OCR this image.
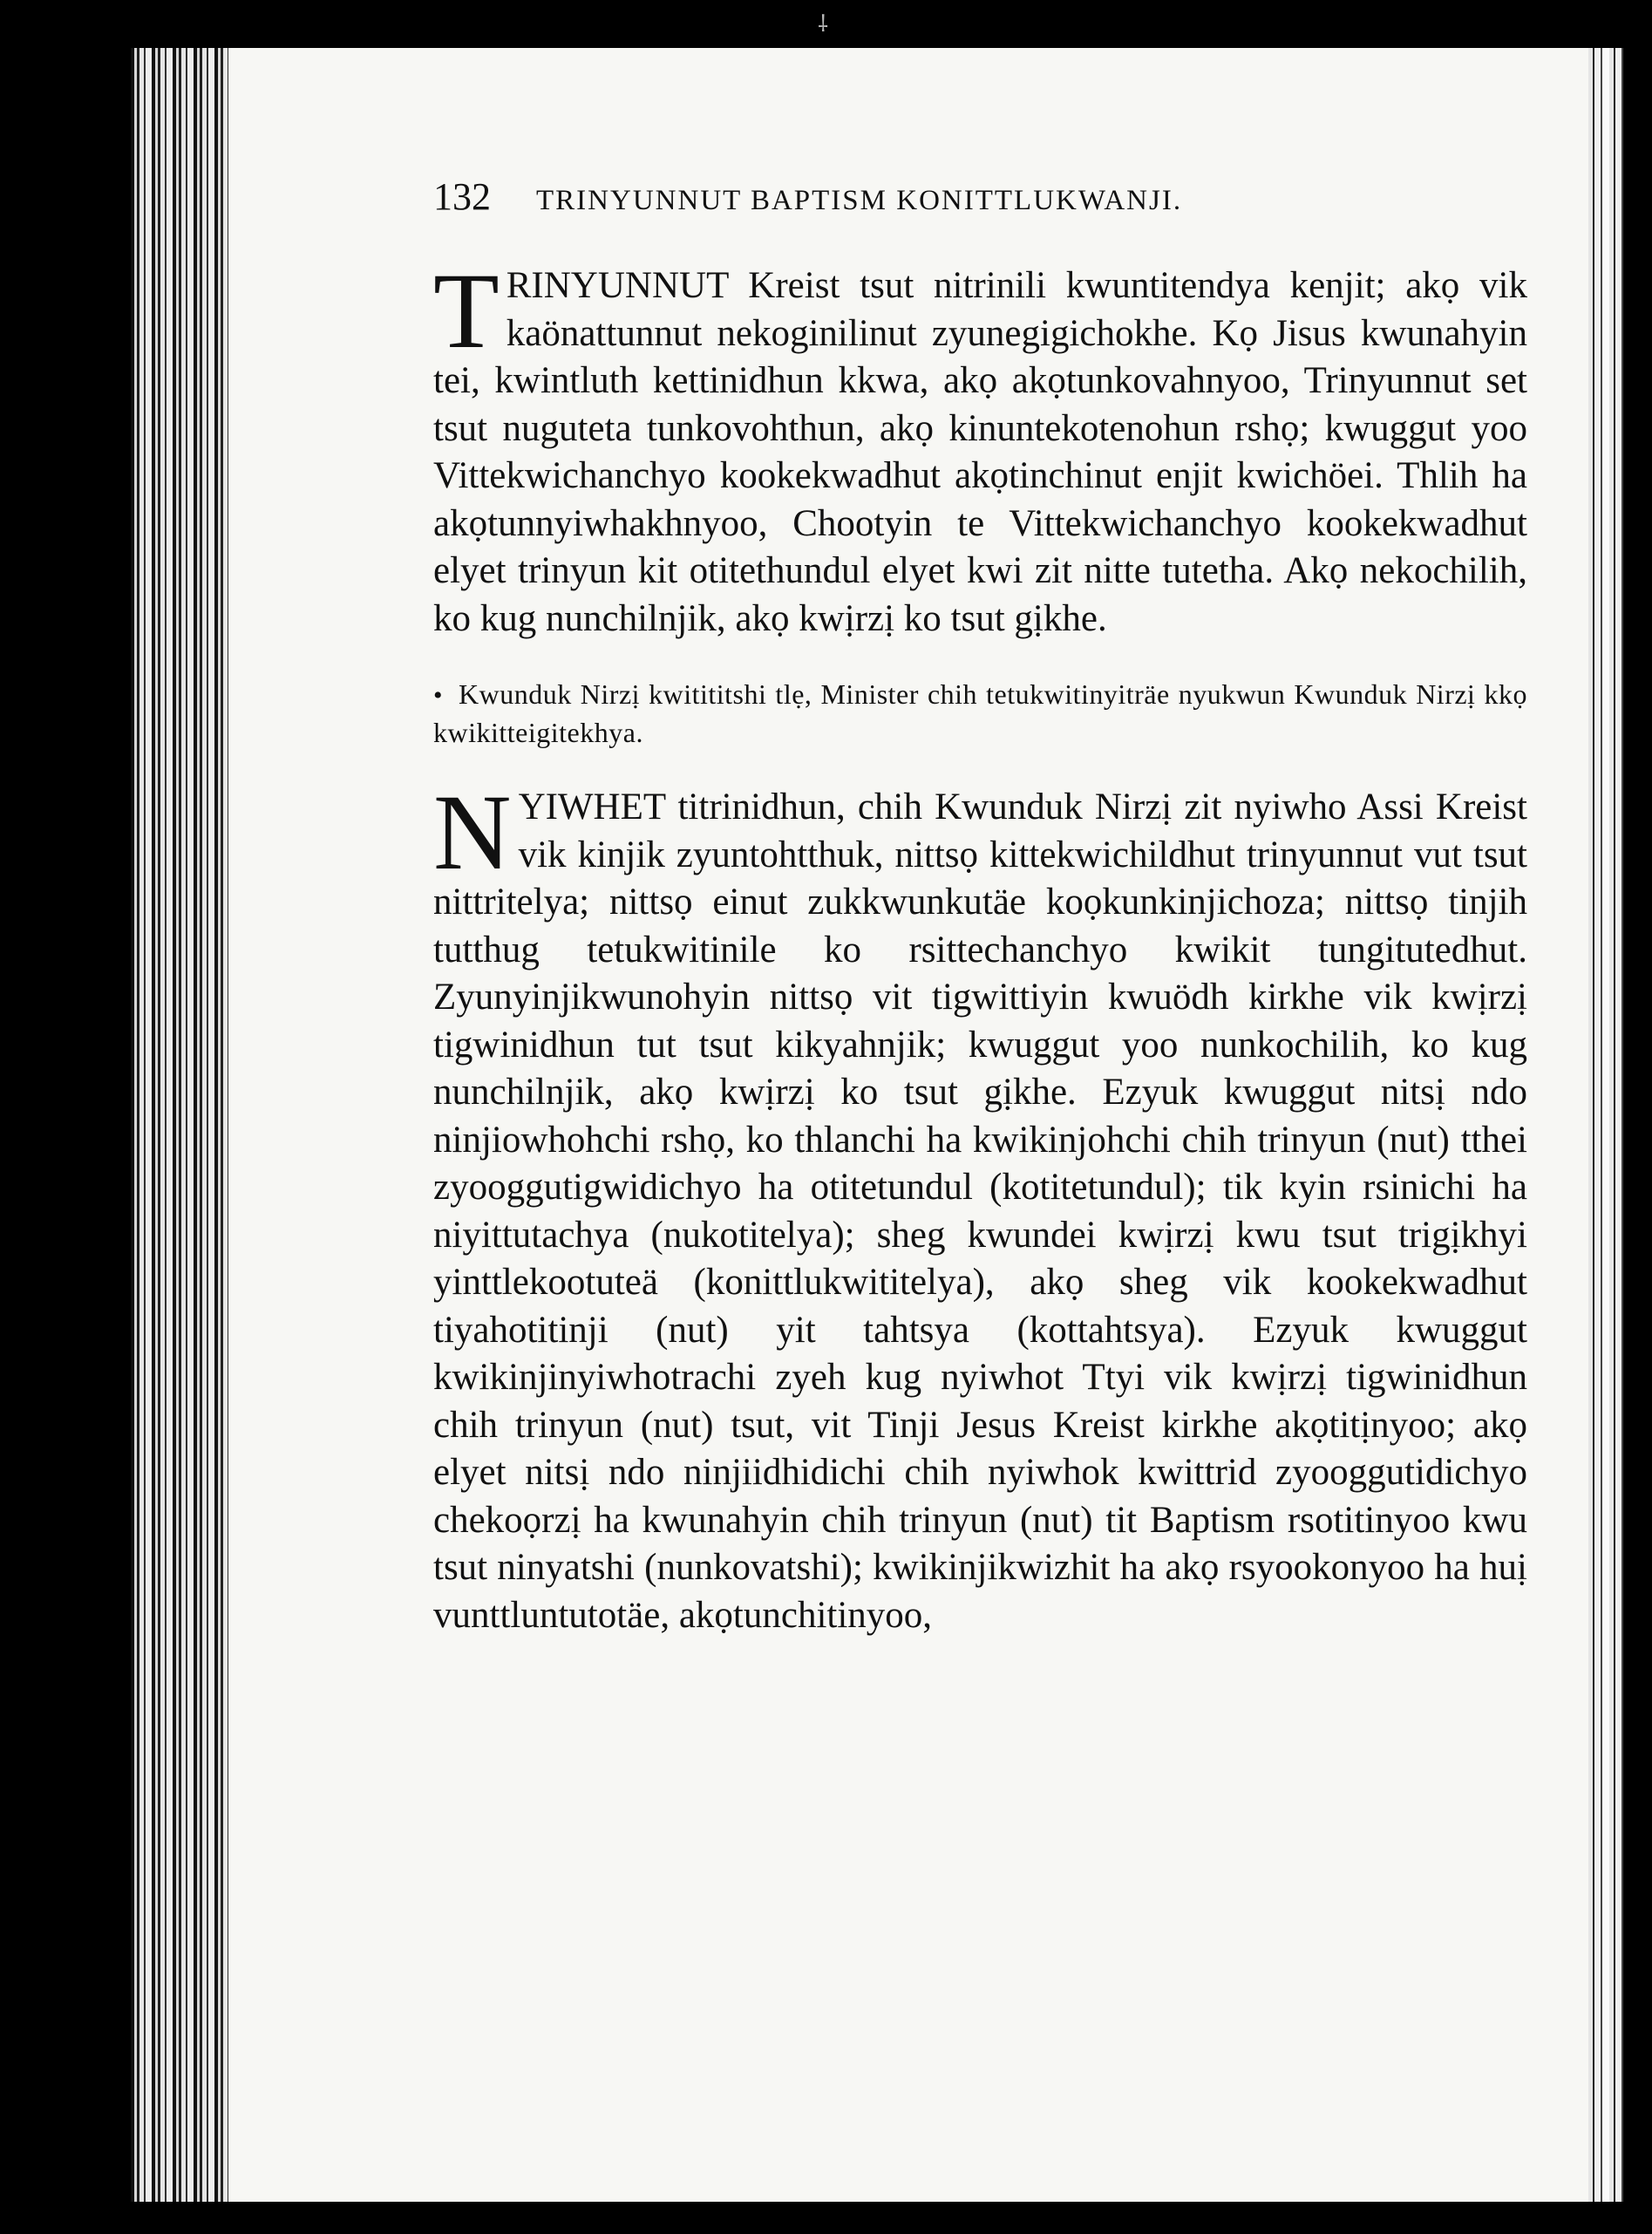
⸸
132 TRINYUNNUT BAPTISM KONITTLUKWANJI.

TRINYUNNUT Kreist tsut nitrinili kwuntitendya kenjit; akọ vik kaönattunnut nekoginilinut zyunegigichokhe. Kọ Jisus kwunahyin tei, kwintluth kettinidhun kkwa, akọ akọtunkovahnyoo, Trinyunnut set tsut nuguteta tunkovohthun, akọ kinuntekotenohun rshọ; kwuggut yoo Vittekwichanchyo kookekwadhut akọtinchinut enjit kwichöei. Thlih ha akọtunnyiwhakhnyoo, Chootyin te Vittekwichanchyo kookekwadhut elyet trinyun kit otitethundul elyet kwi zit nitte tutetha. Akọ nekochilih, ko kug nunchilnjik, akọ kwịrzị ko tsut gịkhe.

• Kwunduk Nirzị kwitititshi tlẹ, Minister chih tetukwitinyiträe nyukwun Kwunduk Nirzị kkọ kwikitteigitekhya.

NYIWHET titrinidhun, chih Kwunduk Nirzị zit nyiwho Assi Kreist vik kinjik zyuntohtthuk, nittsọ kittekwichildhut trinyunnut vut tsut nittritelya; nittsọ einut zukkwunkutäe koọkunkinjichoza; nittsọ tinjih tutthug tetukwitinile ko rsittechanchyo kwikit tungitutedhut. Zyunyinjikwunohyin nittsọ vit tigwittiyin kwuödh kirkhe vik kwịrzị tigwinidhun tut tsut kikyahnjik; kwuggut yoo nunkochilih, ko kug nunchilnjik, akọ kwịrzị ko tsut gịkhe. Ezyuk kwuggut nitsị ndo ninjiowhohchi rshọ, ko thlanchi ha kwikinjohchi chih trinyun (nut) tthei zyooggutigwidichyo ha otitetundul (kotitetundul); tik kyin rsinichi ha niyittutachya (nukotitelya); sheg kwundei kwịrzị kwu tsut trigịkhyi yinttlekootuteä (konittlukwititelya), akọ sheg vik kookekwadhut tiyahotitinji (nut) yit tahtsya (kottahtsya). Ezyuk kwuggut kwikinjinyiwhotrachi zyeh kug nyiwhot Ttyi vik kwịrzị tigwinidhun chih trinyun (nut) tsut, vit Tinji Jesus Kreist kirkhe akọtitịnyoo; akọ elyet nitsị ndo ninjiidhidichi chih nyiwhok kwittrid zyooggutidichyo chekoọrzị ha kwunahyin chih trinyun (nut) tit Baptism rsotitinyoo kwu tsut ninyatshi (nunkovatshi); kwikinjikwizhit ha akọ rsyookonyoo ha huị vunttluntutotäe, akọtunchitinyoo,
